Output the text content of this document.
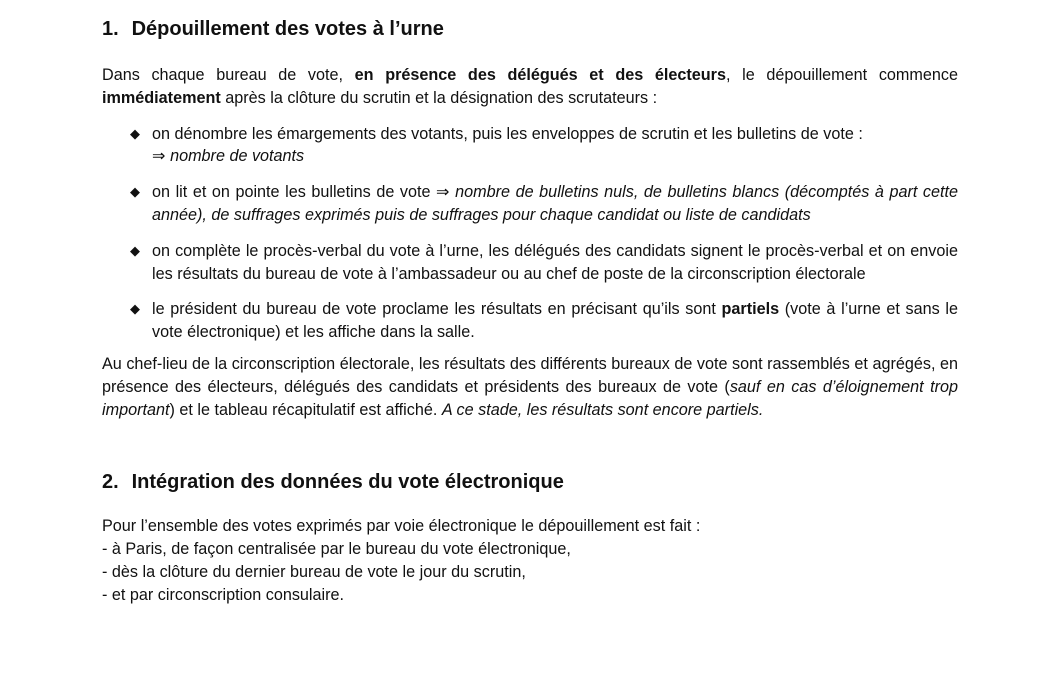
1. Dépouillement des votes à l’urne

Dans chaque bureau de vote, en présence des délégués et des électeurs, le dépouillement commence immédiatement après la clôture du scrutin et la désignation des scrutateurs :

◆ on dénombre les émargements des votants, puis les enveloppes de scrutin et les bulletins de vote :
⇒ nombre de votants
◆ on lit et on pointe les bulletins de vote ⇒ nombre de bulletins nuls, de bulletins blancs (décomptés à part cette année), de suffrages exprimés puis de suffrages pour chaque candidat ou liste de candidats
◆ on complète le procès-verbal du vote à l’urne, les délégués des candidats signent le procès-verbal et on envoie les résultats du bureau de vote à l’ambassadeur ou au chef de poste de la circonscription électorale
◆ le président du bureau de vote proclame les résultats en précisant qu’ils sont partiels (vote à l’urne et sans le vote électronique) et les affiche dans la salle.

Au chef-lieu de la circonscription électorale, les résultats des différents bureaux de vote sont rassemblés et agrégés, en présence des électeurs, délégués des candidats et présidents des bureaux de vote (sauf en cas d’éloignement trop important) et le tableau récapitulatif est affiché. A ce stade, les résultats sont encore partiels.

2. Intégration des données du vote électronique

Pour l’ensemble des votes exprimés par voie électronique le dépouillement est fait :

- à Paris, de façon centralisée par le bureau du vote électronique,
- dès la clôture du dernier bureau de vote le jour du scrutin,
- et par circonscription consulaire.
